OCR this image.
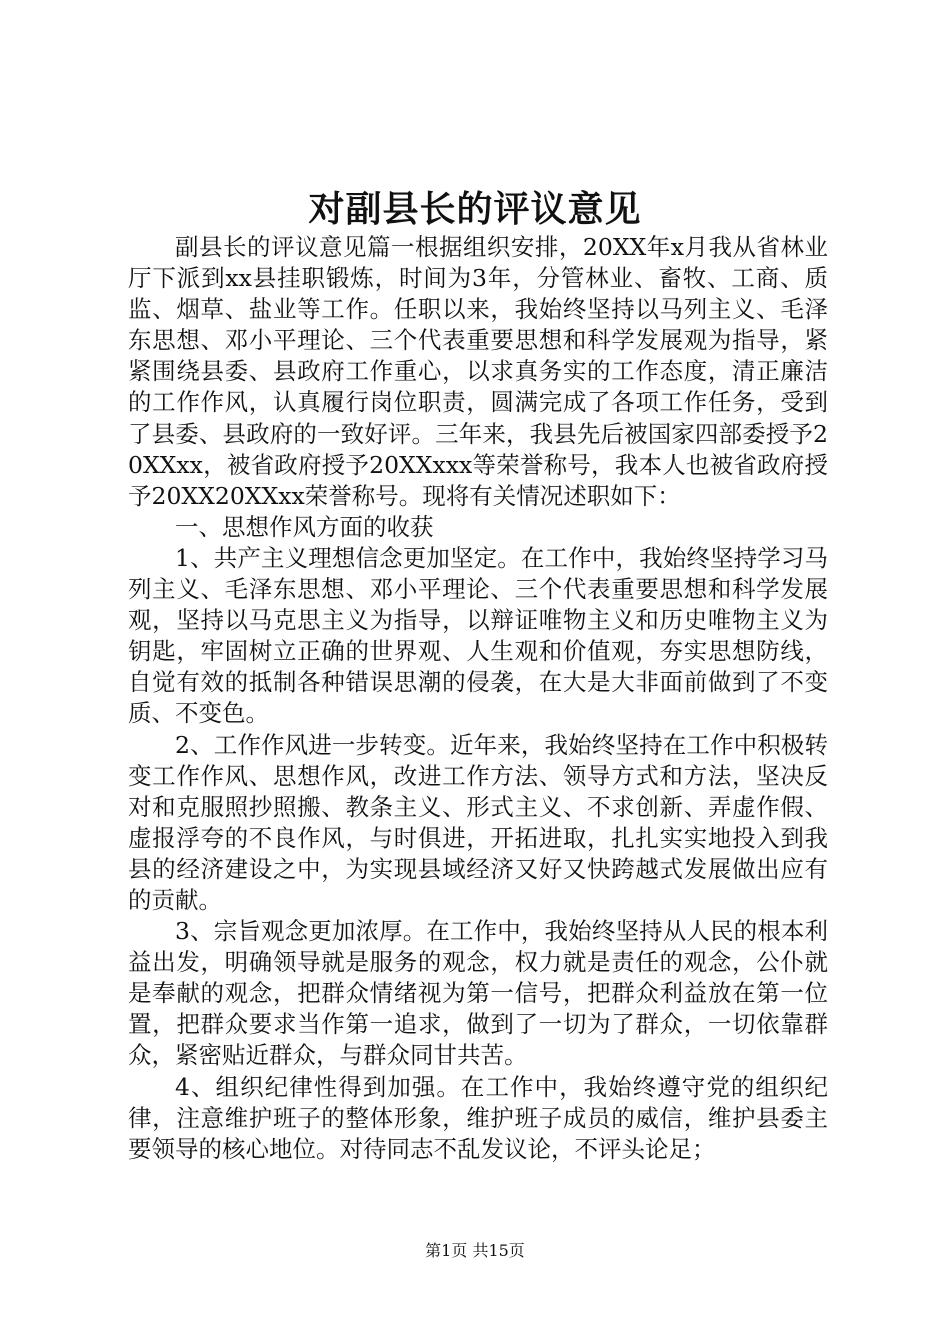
对副县长的评议意见

副县长的评议意见篇一根据组织安排，20XX年x月我从省林业厅下派到xx县挂职锻炼，时间为3年，分管林业、畜牧、工商、质监、烟草、盐业等工作。任职以来，我始终坚持以马列主义、毛泽东思想、邓小平理论、三个代表重要思想和科学发展观为指导，紧紧围绕县委、县政府工作重心，以求真务实的工作态度，清正廉洁的工作作风，认真履行岗位职责，圆满完成了各项工作任务，受到了县委、县政府的一致好评。三年来，我县先后被国家四部委授予20XXxx，被省政府授予20XXxxx等荣誉称号，我本人也被省政府授予20XX20XXxx荣誉称号。现将有关情况述职如下：

一、思想作风方面的收获

1、共产主义理想信念更加坚定。在工作中，我始终坚持学习马列主义、毛泽东思想、邓小平理论、三个代表重要思想和科学发展观，坚持以马克思主义为指导，以辩证唯物主义和历史唯物主义为钥匙，牢固树立正确的世界观、人生观和价值观，夯实思想防线，自觉有效的抵制各种错误思潮的侵袭，在大是大非面前做到了不变质、不变色。

2、工作作风进一步转变。近年来，我始终坚持在工作中积极转变工作作风、思想作风，改进工作方法、领导方式和方法，坚决反对和克服照抄照搬、教条主义、形式主义、不求创新、弄虚作假、虚报浮夸的不良作风，与时俱进，开拓进取，扎扎实实地投入到我县的经济建设之中，为实现县域经济又好又快跨越式发展做出应有的贡献。

3、宗旨观念更加浓厚。在工作中，我始终坚持从人民的根本利益出发，明确领导就是服务的观念，权力就是责任的观念，公仆就是奉献的观念，把群众情绪视为第一信号，把群众利益放在第一位置，把群众要求当作第一追求，做到了一切为了群众，一切依靠群众，紧密贴近群众，与群众同甘共苦。

4、组织纪律性得到加强。在工作中，我始终遵守党的组织纪律，注意维护班子的整体形象，维护班子成员的威信，维护县委主要领导的核心地位。对待同志不乱发议论，不评头论足；

第1页 共15页
